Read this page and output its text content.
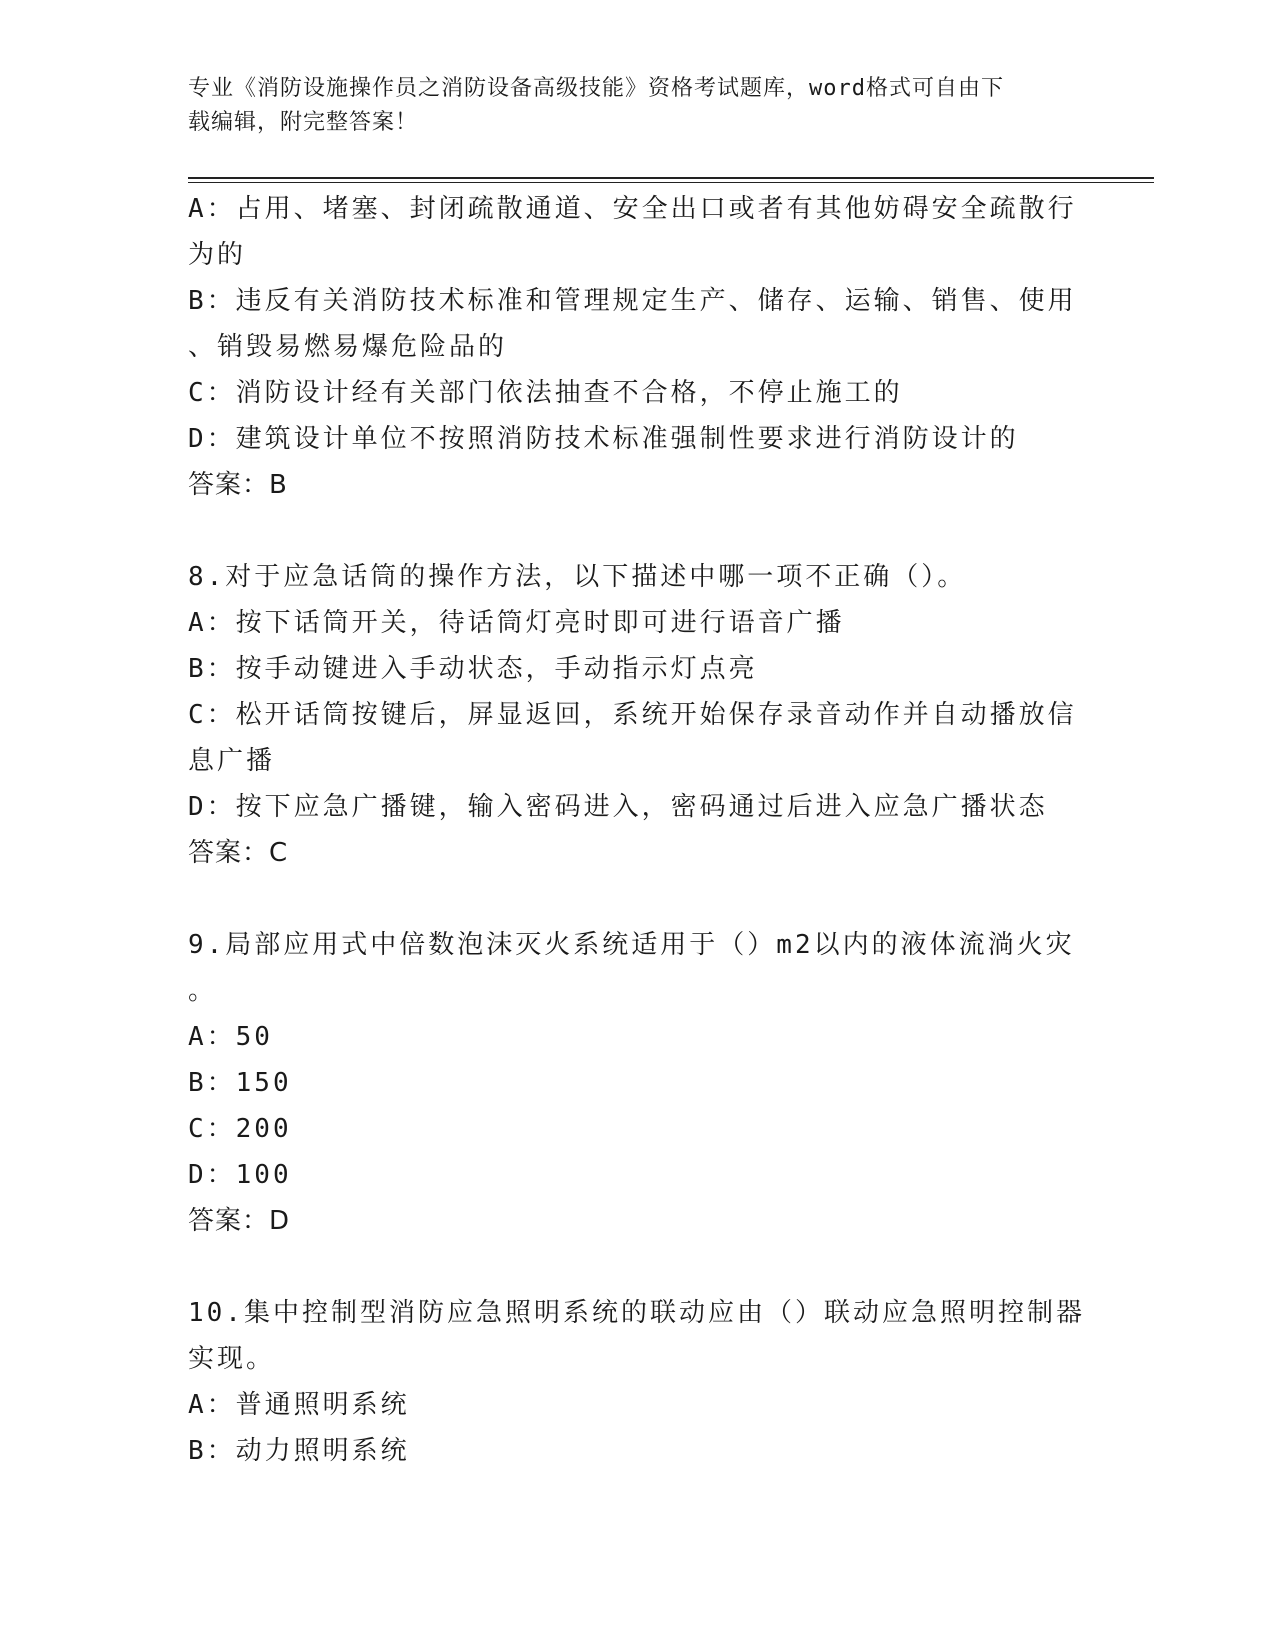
专业《消防设施操作员之消防设备高级技能》资格考试题库，word格式可自由下
载编辑，附完整答案！
A：占用、堵塞、封闭疏散通道、安全出口或者有其他妨碍安全疏散行
为的
B：违反有关消防技术标准和管理规定生产、储存、运输、销售、使用
、销毁易燃易爆危险品的
C：消防设计经有关部门依法抽查不合格，不停止施工的
D：建筑设计单位不按照消防技术标准强制性要求进行消防设计的
答案：B
8.对于应急话筒的操作方法，以下描述中哪一项不正确（）。
A：按下话筒开关，待话筒灯亮时即可进行语音广播
B：按手动键进入手动状态，手动指示灯点亮
C：松开话筒按键后，屏显返回，系统开始保存录音动作并自动播放信
息广播
D：按下应急广播键，输入密码进入，密码通过后进入应急广播状态
答案：C
9.局部应用式中倍数泡沫灭火系统适用于（）m2以内的液体流淌火灾
。
A：50
B：150
C：200
D：100
答案：D
10.集中控制型消防应急照明系统的联动应由（）联动应急照明控制器
实现。
A：普通照明系统
B：动力照明系统
